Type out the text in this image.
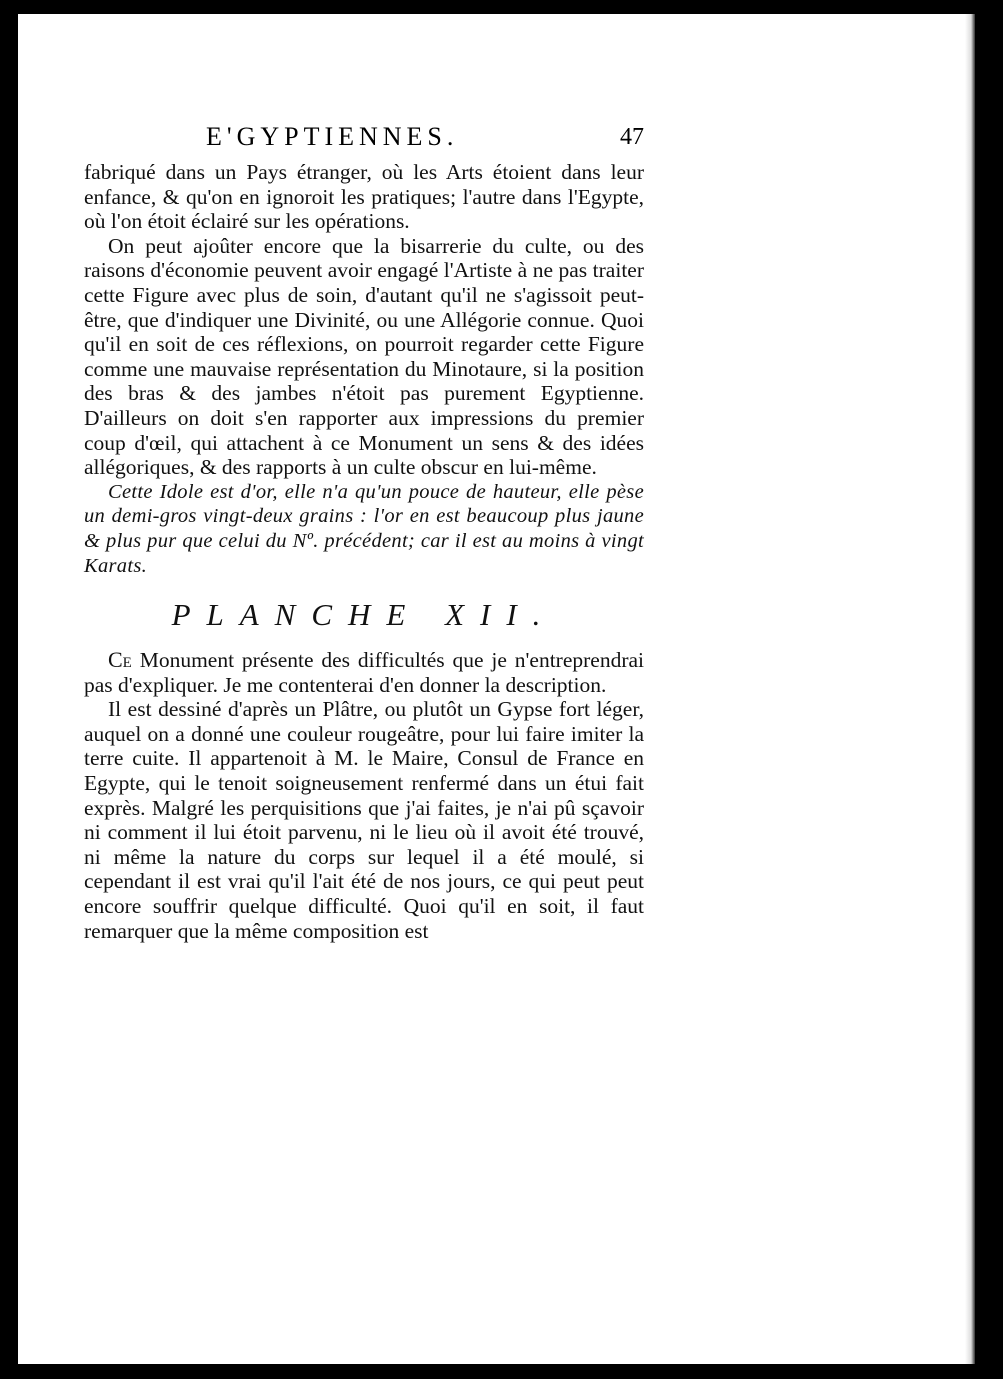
E'GYPTIENNES.	47

fabriqué dans un Pays étranger, où les Arts étoient dans leur enfance, & qu'on en ignoroit les pratiques; l'autre dans l'Egypte, où l'on étoit éclairé sur les opérations.

On peut ajoûter encore que la bisarrerie du culte, ou des raisons d'économie peuvent avoir engagé l'Artiste à ne pas traiter cette Figure avec plus de soin, d'autant qu'il ne s'agissoit peut-être, que d'indiquer une Divinité, ou une Allégorie connue. Quoi qu'il en soit de ces réflexions, on pourroit regarder cette Figure comme une mauvaise représentation du Minotaure, si la position des bras & des jambes n'étoit pas purement Egyptienne. D'ailleurs on doit s'en rapporter aux impressions du premier coup d'œil, qui attachent à ce Monument un sens & des idées allégoriques, & des rapports à un culte obscur en lui-même.

Cette Idole est d'or, elle n'a qu'un pouce de hauteur, elle pèse un demi-gros vingt-deux grains : l'or en est beaucoup plus jaune & plus pur que celui du Nº. précédent; car il est au moins à vingt Karats.

PLANCHE XII.

Ce Monument présente des difficultés que je n'entreprendrai pas d'expliquer. Je me contenterai d'en donner la description.

Il est dessiné d'après un Plâtre, ou plutôt un Gypse fort léger, auquel on a donné une couleur rougeâtre, pour lui faire imiter la terre cuite. Il appartenoit à M. le Maire, Consul de France en Egypte, qui le tenoit soigneusement renfermé dans un étui fait exprès. Malgré les perquisitions que j'ai faites, je n'ai pû sçavoir ni comment il lui étoit parvenu, ni le lieu où il avoit été trouvé, ni même la nature du corps sur lequel il a été moulé, si cependant il est vrai qu'il l'ait été de nos jours, ce qui peut peut encore souffrir quelque difficulté. Quoi qu'il en soit, il faut remarquer que la même composition est
